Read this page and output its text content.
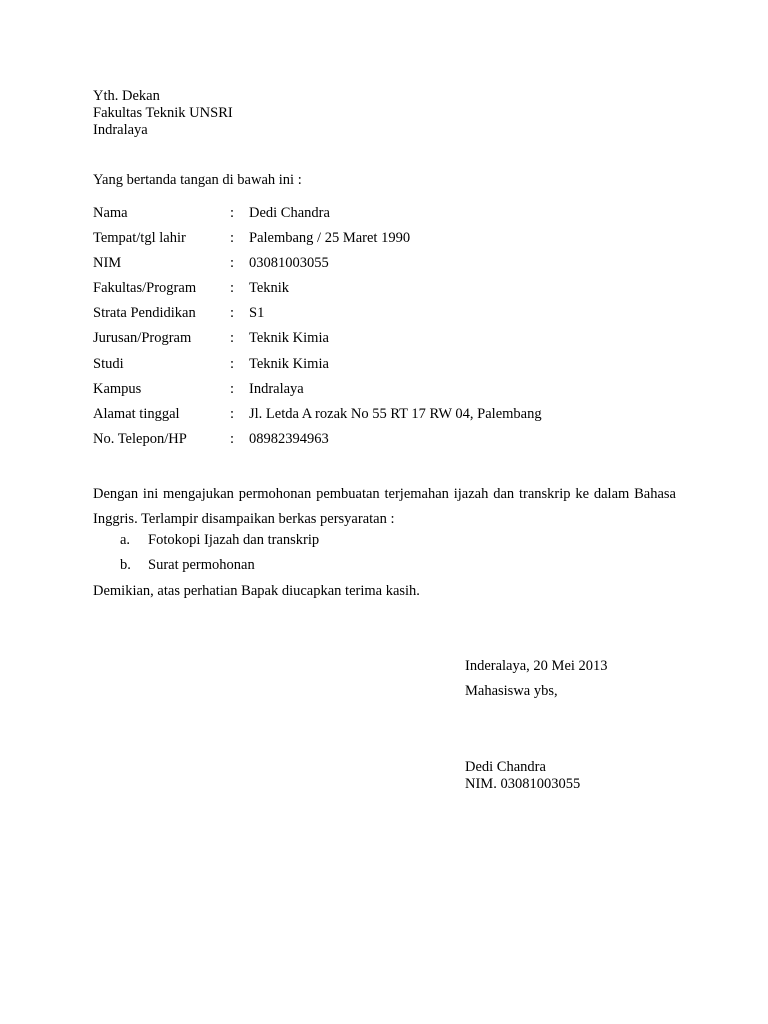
Yth. Dekan
Fakultas Teknik UNSRI
Indralaya
Yang bertanda tangan di bawah ini :
Nama	: Dedi Chandra
Tempat/tgl lahir	: Palembang / 25 Maret 1990
NIM	: 03081003055
Fakultas/Program : Teknik
Strata Pendidikan : S1
Jurusan/Program	: Teknik Kimia
Studi	: Teknik Kimia
Kampus	: Indralaya
Alamat tinggal	: Jl. Letda A rozak No 55 RT 17 RW 04, Palembang
No. Telepon/HP	: 08982394963
Dengan ini mengajukan permohonan pembuatan terjemahan ijazah dan transkrip ke dalam Bahasa Inggris. Terlampir disampaikan berkas persyaratan :
a. Fotokopi Ijazah dan transkrip
b. Surat permohonan
Demikian, atas perhatian Bapak diucapkan terima kasih.
Inderalaya, 20 Mei 2013
Mahasiswa ybs,
Dedi Chandra
NIM. 03081003055
